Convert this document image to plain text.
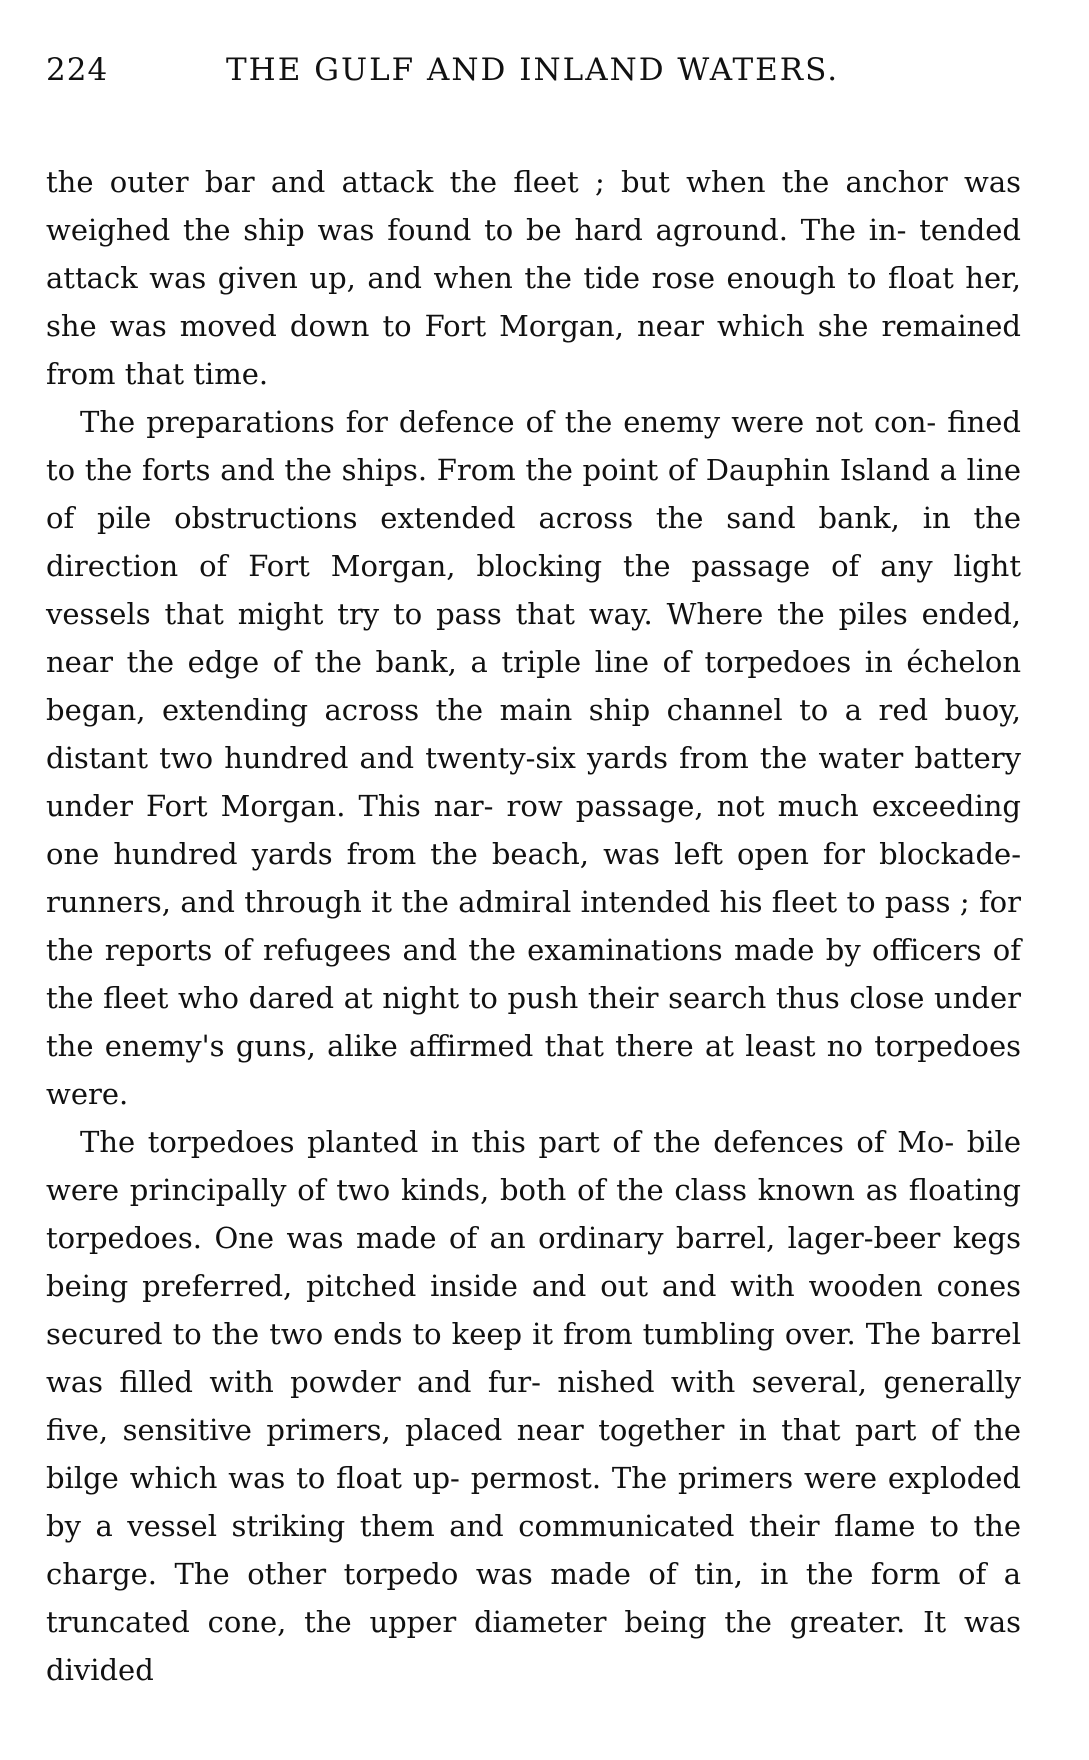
224	THE GULF AND INLAND WATERS.

the outer bar and attack the fleet ; but when the anchor was weighed the ship was found to be hard aground. The in- tended attack was given up, and when the tide rose enough to float her, she was moved down to Fort Morgan, near which she remained from that time.

The preparations for defence of the enemy were not con- fined to the forts and the ships. From the point of Dauphin Island a line of pile obstructions extended across the sand bank, in the direction of Fort Morgan, blocking the passage of any light vessels that might try to pass that way. Where the piles ended, near the edge of the bank, a triple line of torpedoes in échelon began, extending across the main ship channel to a red buoy, distant two hundred and twenty-six yards from the water battery under Fort Morgan. This nar- row passage, not much exceeding one hundred yards from the beach, was left open for blockade-runners, and through it the admiral intended his fleet to pass ; for the reports of refugees and the examinations made by officers of the fleet who dared at night to push their search thus close under the enemy's guns, alike affirmed that there at least no torpedoes were.

The torpedoes planted in this part of the defences of Mo- bile were principally of two kinds, both of the class known as floating torpedoes. One was made of an ordinary barrel, lager-beer kegs being preferred, pitched inside and out and with wooden cones secured to the two ends to keep it from tumbling over. The barrel was filled with powder and fur- nished with several, generally five, sensitive primers, placed near together in that part of the bilge which was to float up- permost. The primers were exploded by a vessel striking them and communicated their flame to the charge. The other torpedo was made of tin, in the form of a truncated cone, the upper diameter being the greater. It was divided
